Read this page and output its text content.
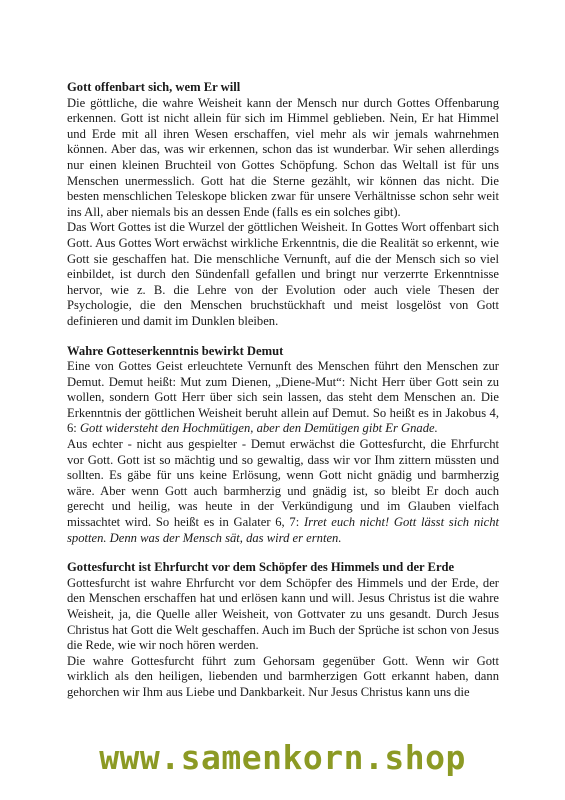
Gott offenbart sich, wem Er will

Die göttliche, die wahre Weisheit kann der Mensch nur durch Gottes Offenbarung erkennen. Gott ist nicht allein für sich im Himmel geblieben. Nein, Er hat Himmel und Erde mit all ihren Wesen erschaffen, viel mehr als wir jemals wahrnehmen können. Aber das, was wir erkennen, schon das ist wunderbar. Wir sehen allerdings nur einen kleinen Bruchteil von Gottes Schöpfung. Schon das Weltall ist für uns Menschen unermesslich. Gott hat die Sterne gezählt, wir können das nicht. Die besten menschlichen Teleskope blicken zwar für unsere Verhältnisse schon sehr weit ins All, aber niemals bis an dessen Ende (falls es ein solches gibt).

Das Wort Gottes ist die Wurzel der göttlichen Weisheit. In Gottes Wort offenbart sich Gott. Aus Gottes Wort erwächst wirkliche Erkenntnis, die die Realität so erkennt, wie Gott sie geschaffen hat. Die menschliche Vernunft, auf die der Mensch sich so viel einbildet, ist durch den Sündenfall gefallen und bringt nur verzerrte Erkenntnisse hervor, wie z. B. die Lehre von der Evolution oder auch viele Thesen der Psychologie, die den Menschen bruchstückhaft und meist losgelöst von Gott definieren und damit im Dunklen bleiben.

Wahre Gotteserkenntnis bewirkt Demut

Eine von Gottes Geist erleuchtete Vernunft des Menschen führt den Menschen zur Demut. Demut heißt: Mut zum Dienen, „Diene-Mut“: Nicht Herr über Gott sein zu wollen, sondern Gott Herr über sich sein lassen, das steht dem Menschen an. Die Erkenntnis der göttlichen Weisheit beruht allein auf Demut. So heißt es in Jakobus 4, 6: Gott widersteht den Hochmütigen, aber den Demütigen gibt Er Gnade.

Aus echter - nicht aus gespielter - Demut erwächst die Gottesfurcht, die Ehrfurcht vor Gott. Gott ist so mächtig und so gewaltig, dass wir vor Ihm zittern müssten und sollten. Es gäbe für uns keine Erlösung, wenn Gott nicht gnädig und barmherzig wäre. Aber wenn Gott auch barmherzig und gnädig ist, so bleibt Er doch auch gerecht und heilig, was heute in der Verkündigung und im Glauben vielfach missachtet wird. So heißt es in Galater 6, 7: Irret euch nicht! Gott lässt sich nicht spotten. Denn was der Mensch sät, das wird er ernten.

Gottesfurcht ist Ehrfurcht vor dem Schöpfer des Himmels und der Erde

Gottesfurcht ist wahre Ehrfurcht vor dem Schöpfer des Himmels und der Erde, der den Menschen erschaffen hat und erlösen kann und will. Jesus Christus ist die wahre Weisheit, ja, die Quelle aller Weisheit, von Gottvater zu uns gesandt. Durch Jesus Christus hat Gott die Welt geschaffen. Auch im Buch der Sprüche ist schon von Jesus die Rede, wie wir noch hören werden.

Die wahre Gottesfurcht führt zum Gehorsam gegenüber Gott. Wenn wir Gott wirklich als den heiligen, liebenden und barmherzigen Gott erkannt haben, dann gehorchen wir Ihm aus Liebe und Dankbarkeit. Nur Jesus Christus kann uns die

www.samenkorn.shop
